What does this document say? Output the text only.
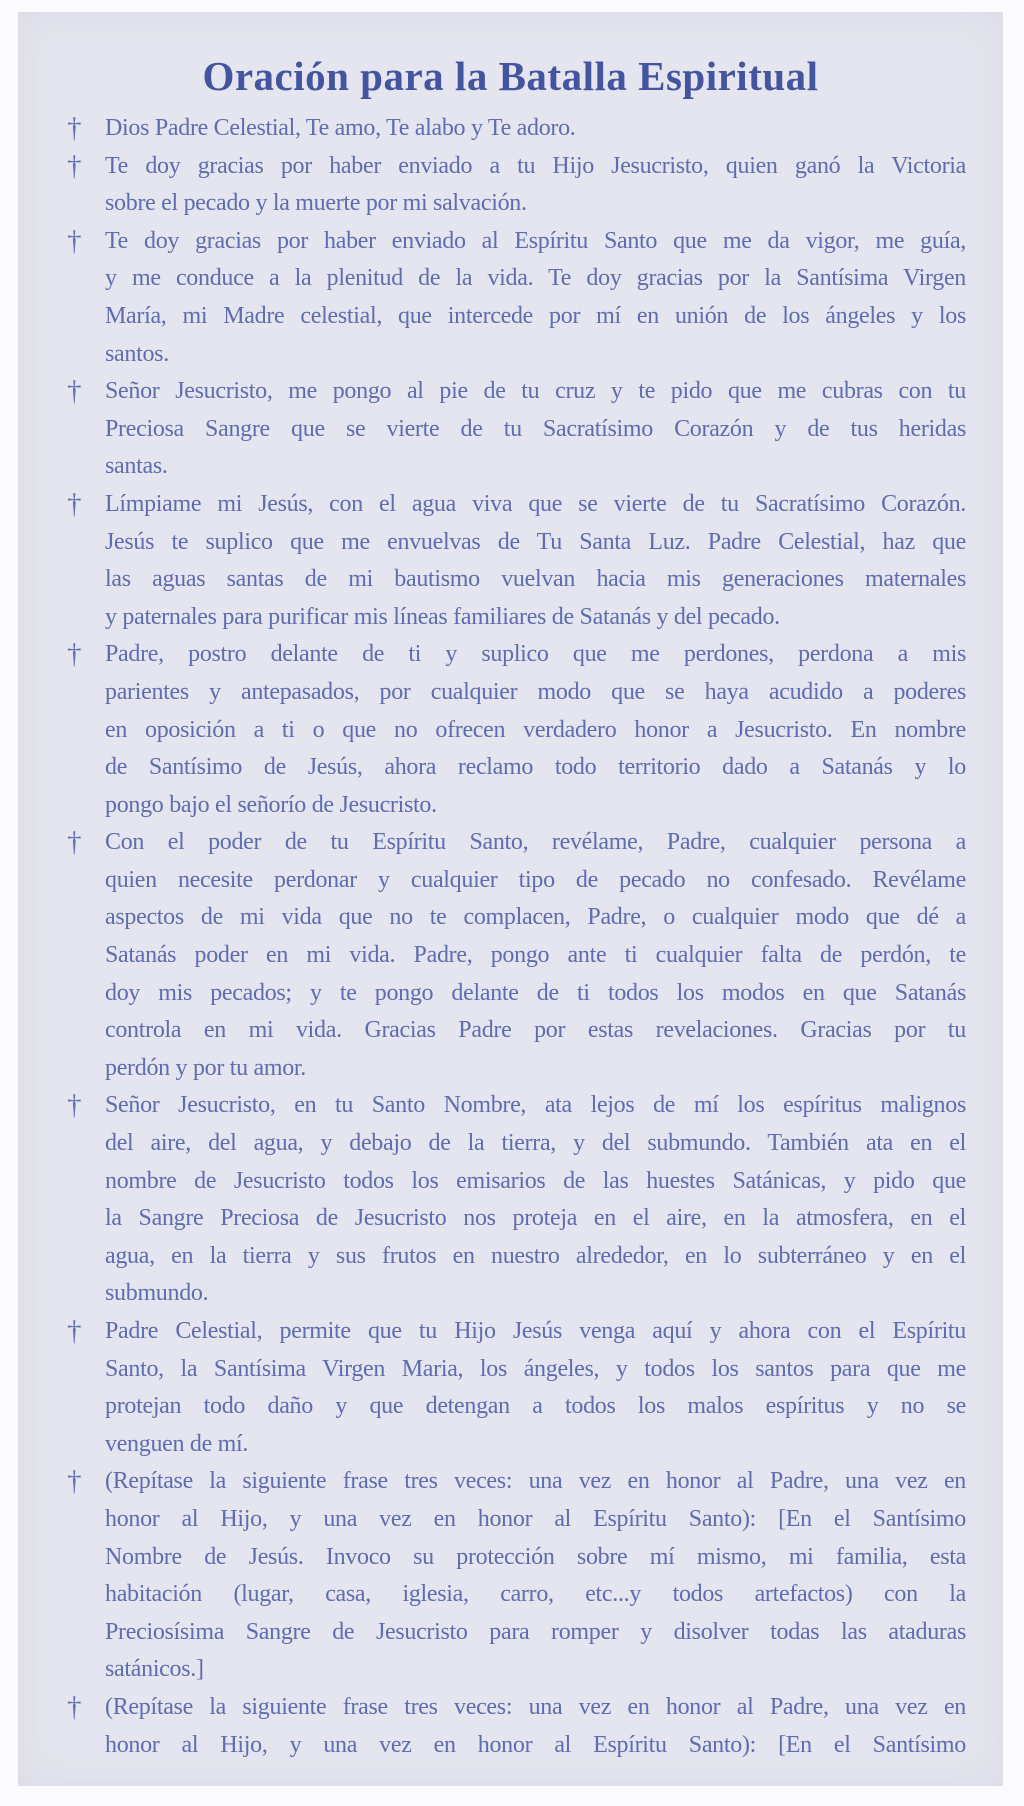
Oración para la Batalla Espiritual
† Dios Padre Celestial, Te amo, Te alabo y Te adoro.
† Te doy gracias por haber enviado a tu Hijo Jesucristo, quien ganó la Victoria
sobre el pecado y la muerte por mi salvación.
† Te doy gracias por haber enviado al Espíritu Santo que me da vigor, me guía,
y me conduce a la plenitud de la vida. Te doy gracias por la Santísima Virgen
María, mi Madre celestial, que intercede por mí en unión de los ángeles y los
santos.
† Señor Jesucristo, me pongo al pie de tu cruz y te pido que me cubras con tu
Preciosa Sangre que se vierte de tu Sacratísimo Corazón y de tus heridas
santas.
† Límpiame mi Jesús, con el agua viva que se vierte de tu Sacratísimo Corazón.
Jesús te suplico que me envuelvas de Tu Santa Luz. Padre Celestial, haz que
las aguas santas de mi bautismo vuelvan hacia mis generaciones maternales
y paternales para purificar mis líneas familiares de Satanás y del pecado.
† Padre, postro delante de ti y suplico que me perdones, perdona a mis
parientes y antepasados, por cualquier modo que se haya acudido a poderes
en oposición a ti o que no ofrecen verdadero honor a Jesucristo. En nombre
de Santísimo de Jesús, ahora reclamo todo territorio dado a Satanás y lo
pongo bajo el señorío de Jesucristo.
† Con el poder de tu Espíritu Santo, revélame, Padre, cualquier persona a
quien necesite perdonar y cualquier tipo de pecado no confesado. Revélame
aspectos de mi vida que no te complacen, Padre, o cualquier modo que dé a
Satanás poder en mi vida. Padre, pongo ante ti cualquier falta de perdón, te
doy mis pecados; y te pongo delante de ti todos los modos en que Satanás
controla en mi vida. Gracias Padre por estas revelaciones. Gracias por tu
perdón y por tu amor.
† Señor Jesucristo, en tu Santo Nombre, ata lejos de mí los espíritus malignos
del aire, del agua, y debajo de la tierra, y del submundo. También ata en el
nombre de Jesucristo todos los emisarios de las huestes Satánicas, y pido que
la Sangre Preciosa de Jesucristo nos proteja en el aire, en la atmosfera, en el
agua, en la tierra y sus frutos en nuestro alrededor, en lo subterráneo y en el
submundo.
† Padre Celestial, permite que tu Hijo Jesús venga aquí y ahora con el Espíritu
Santo, la Santísima Virgen Maria, los ángeles, y todos los santos para que me
protejan todo daño y que detengan a todos los malos espíritus y no se
venguen de mí.
† (Repítase la siguiente frase tres veces: una vez en honor al Padre, una vez en
honor al Hijo, y una vez en honor al Espíritu Santo): [En el Santísimo
Nombre de Jesús. Invoco su protección sobre mí mismo, mi familia, esta
habitación (lugar, casa, iglesia, carro, etc...y todos artefactos) con la
Preciosísima Sangre de Jesucristo para romper y disolver todas las ataduras
satánicos.]
† (Repítase la siguiente frase tres veces: una vez en honor al Padre, una vez en
honor al Hijo, y una vez en honor al Espíritu Santo): [En el Santísimo
